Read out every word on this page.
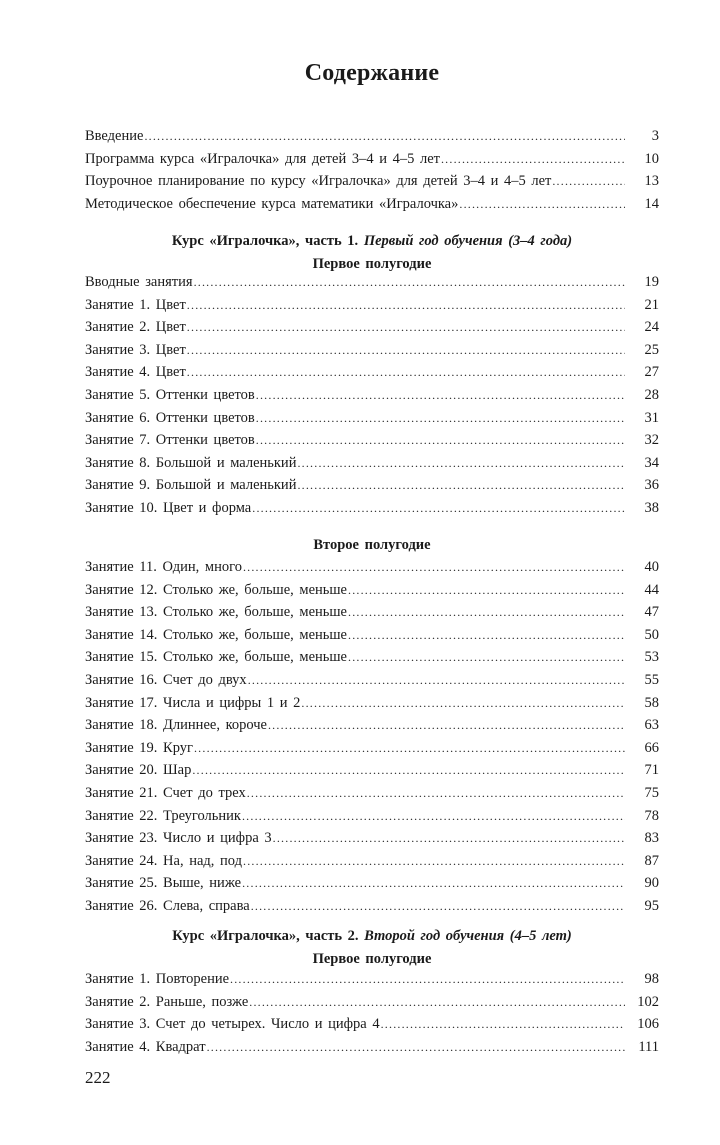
Содержание
Введение .....	3
Программа курса «Игралочка» для детей 3–4 и 4–5 лет .....	10
Поурочное планирование по курсу «Игралочка» для детей 3–4 и 4–5 лет .....	13
Методическое обеспечение курса математики «Игралочка» .....	14
Курс «Игралочка», часть 1. Первый год обучения (3–4 года)
Первое полугодие
Вводные занятия .....	19
Занятие 1. Цвет .....	21
Занятие 2. Цвет .....	24
Занятие 3. Цвет .....	25
Занятие 4. Цвет .....	27
Занятие 5. Оттенки цветов .....	28
Занятие 6. Оттенки цветов .....	31
Занятие 7. Оттенки цветов .....	32
Занятие 8. Большой и маленький .....	34
Занятие 9. Большой и маленький .....	36
Занятие 10. Цвет и форма .....	38
Второе полугодие
Занятие 11. Один, много .....	40
Занятие 12. Столько же, больше, меньше .....	44
Занятие 13. Столько же, больше, меньше .....	47
Занятие 14. Столько же, больше, меньше .....	50
Занятие 15. Столько же, больше, меньше .....	53
Занятие 16. Счет до двух .....	55
Занятие 17. Числа и цифры 1 и 2 .....	58
Занятие 18. Длиннее, короче .....	63
Занятие 19. Круг .....	66
Занятие 20. Шар .....	71
Занятие 21. Счет до трех .....	75
Занятие 22. Треугольник .....	78
Занятие 23. Число и цифра 3 .....	83
Занятие 24. На, над, под .....	87
Занятие 25. Выше, ниже .....	90
Занятие 26. Слева, справа .....	95
Курс «Игралочка», часть 2. Второй год обучения (4–5 лет)
Первое полугодие
Занятие 1. Повторение .....	98
Занятие 2. Раньше, позже .....	102
Занятие 3. Счет до четырех. Число и цифра 4 .....	106
Занятие 4. Квадрат .....	111
222
